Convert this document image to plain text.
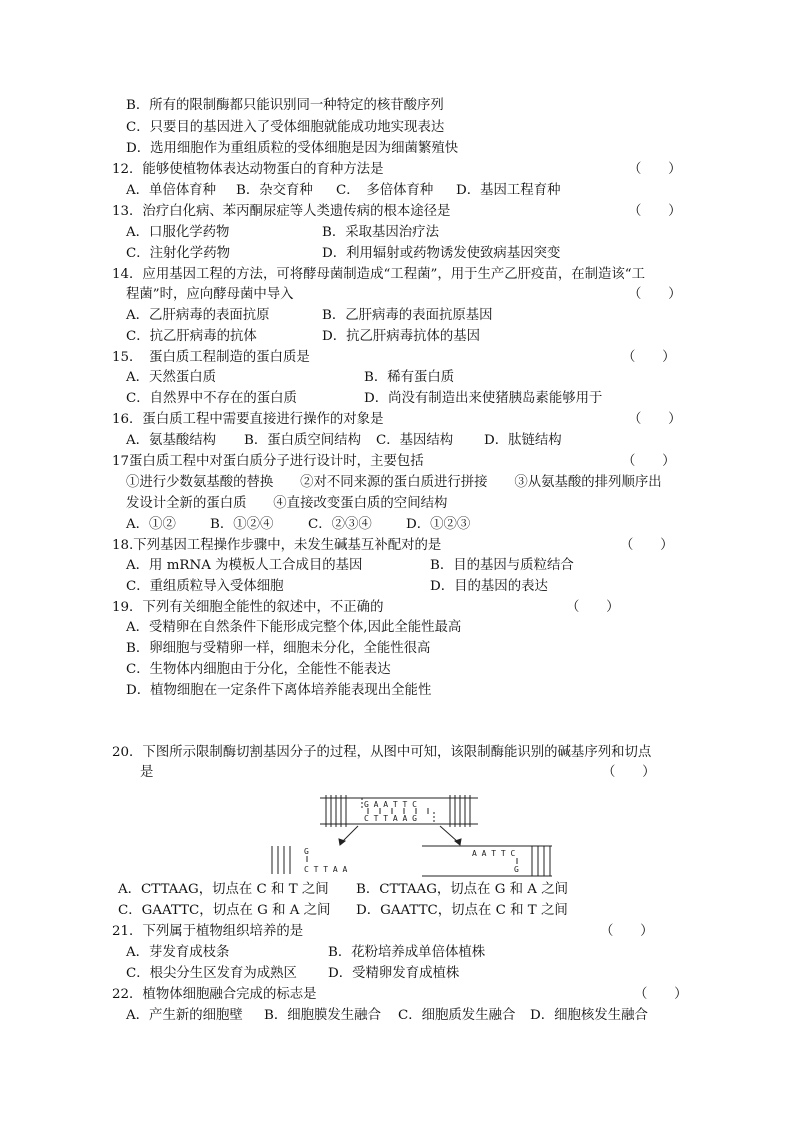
B．所有的限制酶都只能识别同一种特定的核苷酸序列
C．只要目的基因进入了受体细胞就能成功地实现表达
D．选用细胞作为重组质粒的受体细胞是因为细菌繁殖快
12．能够使植物体表达动物蛋白的育种方法是	（　　）
A．单倍体育种 B．杂交育种 C．　多倍体育种 D．基因工程育种
13．治疗白化病、苯丙酮尿症等人类遗传病的根本途径是	（　　）
A．口服化学药物	B．采取基因治疗法
C．注射化学药物	D．利用辐射或药物诱发使致病基因突变
14．应用基因工程的方法，可将酵母菌制造成“工程菌”，用于生产乙肝疫苗，在制造该“工
程菌”时，应向酵母菌中导入	（　　）
A．乙肝病毒的表面抗原	B．乙肝病毒的表面抗原基因
C．抗乙肝病毒的抗体	D．抗乙肝病毒抗体的基因
15．　蛋白质工程制造的蛋白质是	（　　）
A．天然蛋白质	B．稀有蛋白质
C．自然界中不存在的蛋白质	D．尚没有制造出来使猪胰岛素能够用于
16．蛋白质工程中需要直接进行操作的对象是	（　　）
A．氨基酸结构 B．蛋白质空间结构 C．基因结构 D．肽链结构
17蛋白质工程中对蛋白质分子进行设计时，主要包括	（　　）
①进行少数氨基酸的替换　　②对不同来源的蛋白质进行拼接　　③从氨基酸的排列顺序出
发设计全新的蛋白质　　④直接改变蛋白质的空间结构
A．①②	B．①②④	C．②③④	D．①②③
18.下列基因工程操作步骤中，未发生碱基互补配对的是	（　　）
A．用 mRNA 为模板人工合成目的基因	B．目的基因与质粒结合
C．重组质粒导入受体细胞	D．目的基因的表达
19．下列有关细胞全能性的叙述中，不正确的	（　　）
A．受精卵在自然条件下能形成完整个体,因此全能性最高
B．卵细胞与受精卵一样，细胞未分化，全能性很高
C．生物体内细胞由于分化，全能性不能表达
D．植物细胞在一定条件下离体培养能表现出全能性
20．下图所示限制酶切割基因分子的过程，从图中可知，该限制酶能识别的碱基序列和切点
是	（　　）
G A A T T C
C T T A A G
G
C T T A A
A A T T C
G
A．CTTAAG，切点在 C 和 T 之间 B．CTTAAG，切点在 G 和 A 之间
C．GAATTC，切点在 G 和 A 之间 D．GAATTC，切点在 C 和 T 之间
21．下列属于植物组织培养的是	（　　）
A．芽发育成枝条	B．花粉培养成单倍体植株
C．根尖分生区发育为成熟区 D．受精卵发育成植株
22．植物体细胞融合完成的标志是	（　　）
A．产生新的细胞壁 B．细胞膜发生融合 C．细胞质发生融合 D．细胞核发生融合
